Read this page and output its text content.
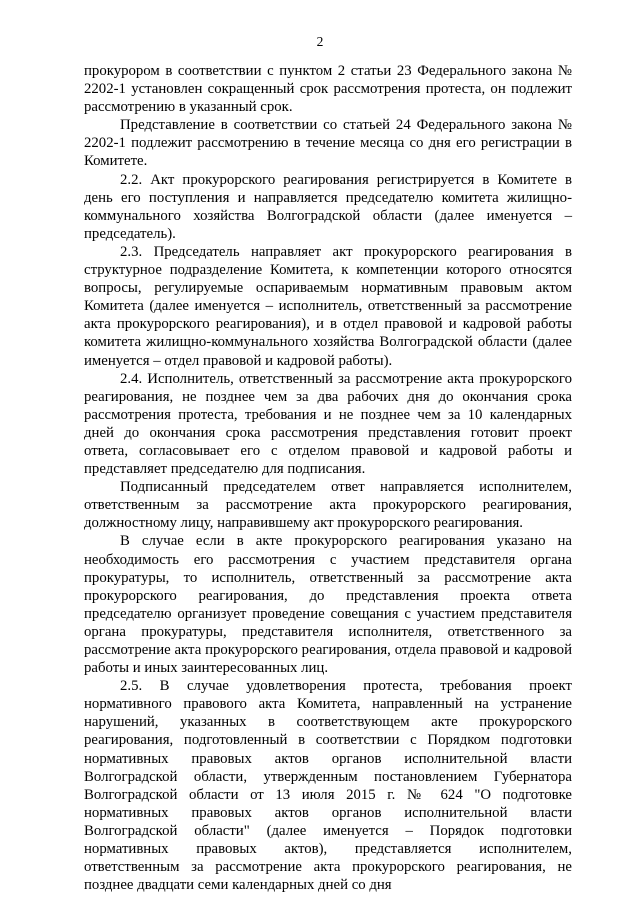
2

прокурором в соответствии с пунктом 2 статьи 23 Федерального закона № 2202-1 установлен сокращенный срок рассмотрения протеста, он подлежит рассмотрению в указанный срок.

Представление в соответствии со статьей 24 Федерального закона № 2202-1 подлежит рассмотрению в течение месяца со дня его регистрации в Комитете.

2.2. Акт прокурорского реагирования регистрируется в Комитете в день его поступления и направляется председателю комитета жилищно-коммунального хозяйства Волгоградской области (далее именуется – председатель).

2.3. Председатель направляет акт прокурорского реагирования в структурное подразделение Комитета, к компетенции которого относятся вопросы, регулируемые оспариваемым нормативным правовым актом Комитета (далее именуется – исполнитель, ответственный за рассмотрение акта прокурорского реагирования), и в отдел правовой и кадровой работы комитета жилищно-коммунального хозяйства Волгоградской области (далее именуется – отдел правовой и кадровой работы).

2.4. Исполнитель, ответственный за рассмотрение акта прокурорского реагирования, не позднее чем за два рабочих дня до окончания срока рассмотрения протеста, требования и не позднее чем за 10 календарных дней до окончания срока рассмотрения представления готовит проект ответа, согласовывает его с отделом правовой и кадровой работы и представляет председателю для подписания.

Подписанный председателем ответ направляется исполнителем, ответственным за рассмотрение акта прокурорского реагирования, должностному лицу, направившему акт прокурорского реагирования.

В случае если в акте прокурорского реагирования указано на необходимость его рассмотрения с участием представителя органа прокуратуры, то исполнитель, ответственный за рассмотрение акта прокурорского реагирования, до представления проекта ответа председателю организует проведение совещания с участием представителя органа прокуратуры, представителя исполнителя, ответственного за рассмотрение акта прокурорского реагирования, отдела правовой и кадровой работы и иных заинтересованных лиц.

2.5. В случае удовлетворения протеста, требования проект нормативного правового акта Комитета, направленный на устранение нарушений, указанных в соответствующем акте прокурорского реагирования, подготовленный в соответствии с Порядком подготовки нормативных правовых актов органов исполнительной власти Волгоградской области, утвержденным постановлением Губернатора Волгоградской области от 13 июля 2015 г. № 624 "О подготовке нормативных правовых актов органов исполнительной власти Волгоградской области" (далее именуется – Порядок подготовки нормативных правовых актов), представляется исполнителем, ответственным за рассмотрение акта прокурорского реагирования, не позднее двадцати семи календарных дней со дня
